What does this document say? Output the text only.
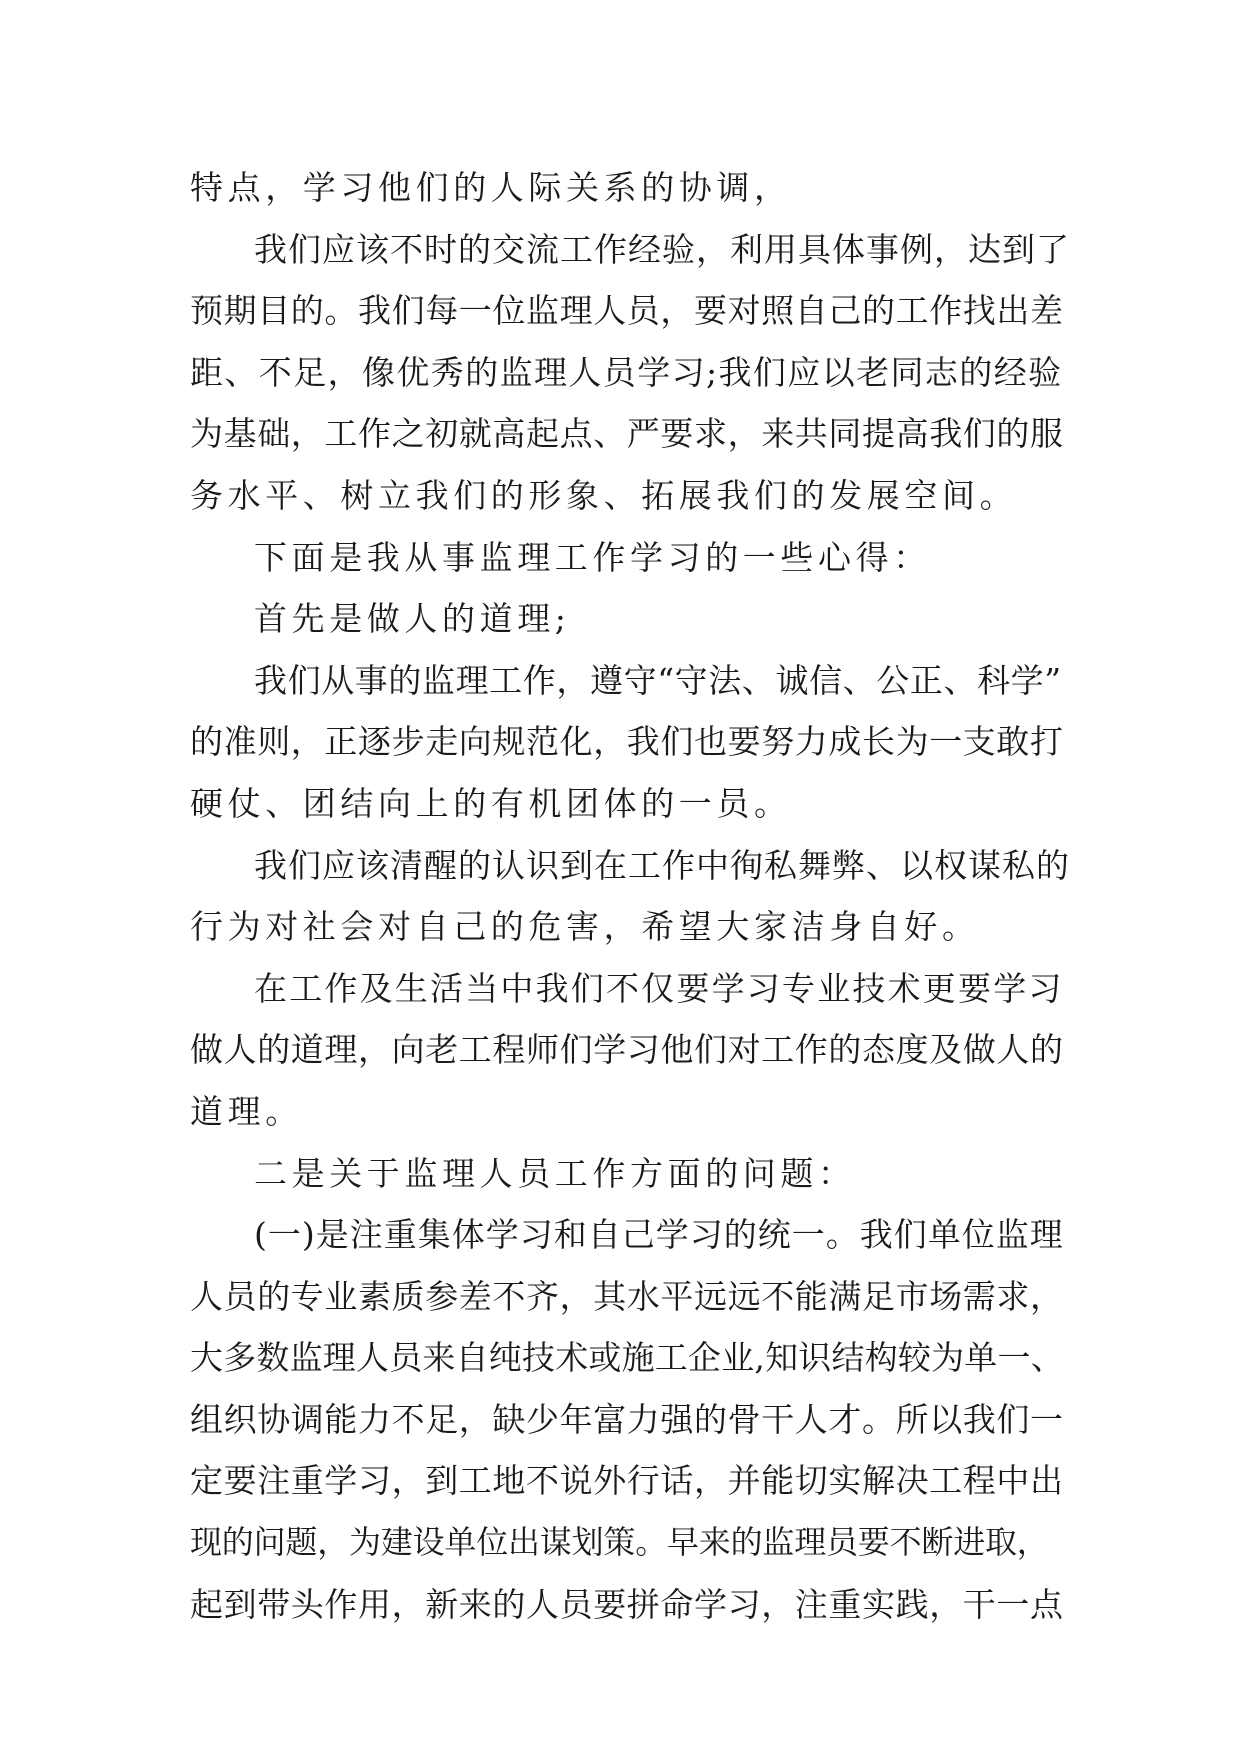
特点，学习他们的人际关系的协调，
我们应该不时的交流工作经验，利用具体事例，达到了
预期目的。我们每一位监理人员，要对照自己的工作找出差
距、不足，像优秀的监理人员学习;我们应以老同志的经验
为基础，工作之初就高起点、严要求，来共同提高我们的服
务水平、树立我们的形象、拓展我们的发展空间。
下面是我从事监理工作学习的一些心得：
首先是做人的道理;
我们从事的监理工作，遵守“守法、诚信、公正、科学”
的准则，正逐步走向规范化，我们也要努力成长为一支敢打
硬仗、团结向上的有机团体的一员。
我们应该清醒的认识到在工作中徇私舞弊、以权谋私的
行为对社会对自己的危害，希望大家洁身自好。
在工作及生活当中我们不仅要学习专业技术更要学习
做人的道理，向老工程师们学习他们对工作的态度及做人的
道理。
二是关于监理人员工作方面的问题：
(一)是注重集体学习和自己学习的统一。我们单位监理
人员的专业素质参差不齐，其水平远远不能满足市场需求，
大多数监理人员来自纯技术或施工企业,知识结构较为单一、
组织协调能力不足，缺少年富力强的骨干人才。所以我们一
定要注重学习，到工地不说外行话，并能切实解决工程中出
现的问题，为建设单位出谋划策。早来的监理员要不断进取，
起到带头作用，新来的人员要拼命学习，注重实践，干一点
